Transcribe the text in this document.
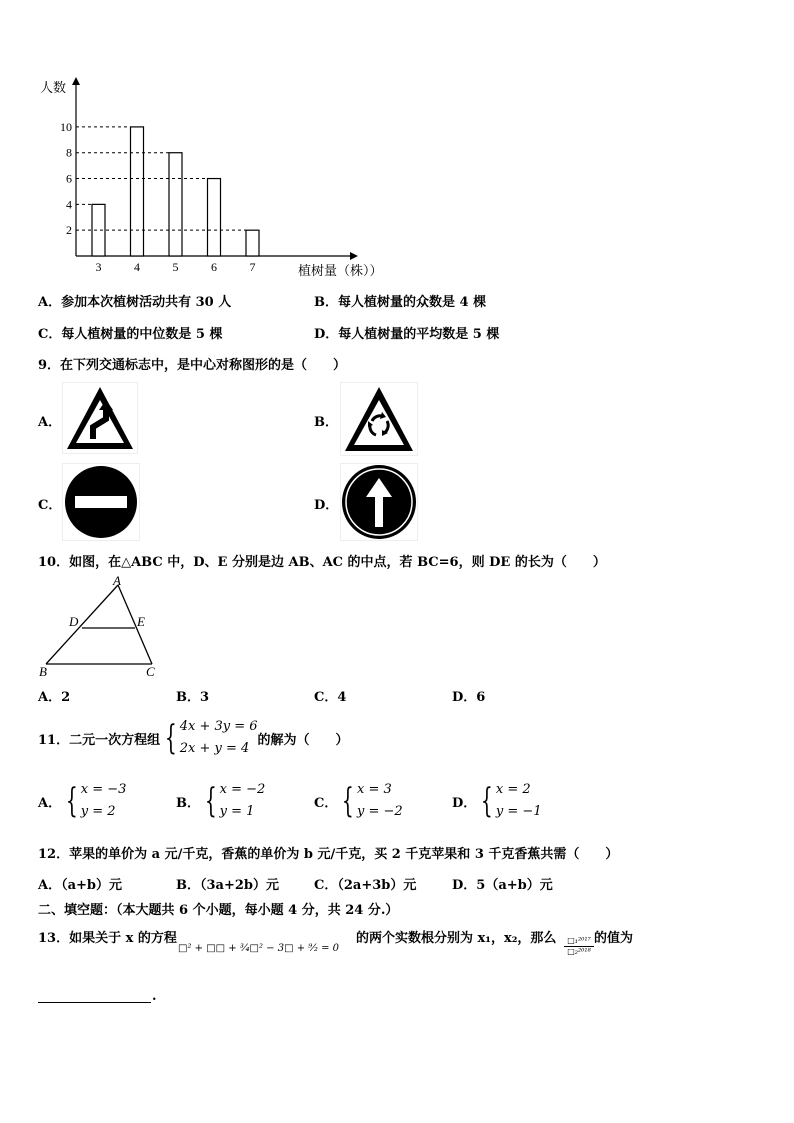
3	4	5	6	7
2
4
6
8
10
人数
植树量（株））
A．参加本次植树活动共有 30 人	B．每人植树量的众数是 4 棵
C．每人植树量的中位数是 5 棵	D．每人植树量的平均数是 5 棵
9．在下列交通标志中，是中心对称图形的是（　　）
A．	B．
C．	D．
10．如图，在△ABC 中，D、E 分别是边 AB、AC 的中点，若 BC=6，则 DE 的长为（　　）
A
D	E
B	C
A．2	B．3	C．4	D．6
11．二元一次方程组 { 4x + 3y = 6
2x + y = 4
的解为（　　）
A． { x = −3
y = 2
B． { x = −2
y = 1
C． { x = 3
y = −2
D． { x = 2
y = −1
12．苹果的单价为 a 元/千克，香蕉的单价为 b 元/千克，买 2 千克苹果和 3 千克香蕉共需（　　）
A．（a+b）元	B．（3a+2b）元	C．（2a+3b）元	D．5（a+b）元
二、填空题：（本大题共 6 个小题，每小题 4 分，共 24 分.）
13．如果关于 x 的方程
□² + □□ + ³⁄₄□² − 3□ + ⁹⁄₂ = 0
的两个实数根分别为 x₁，x₂，那么 □₁²⁰¹⁷
□₂²⁰¹⁸
的值为
.
